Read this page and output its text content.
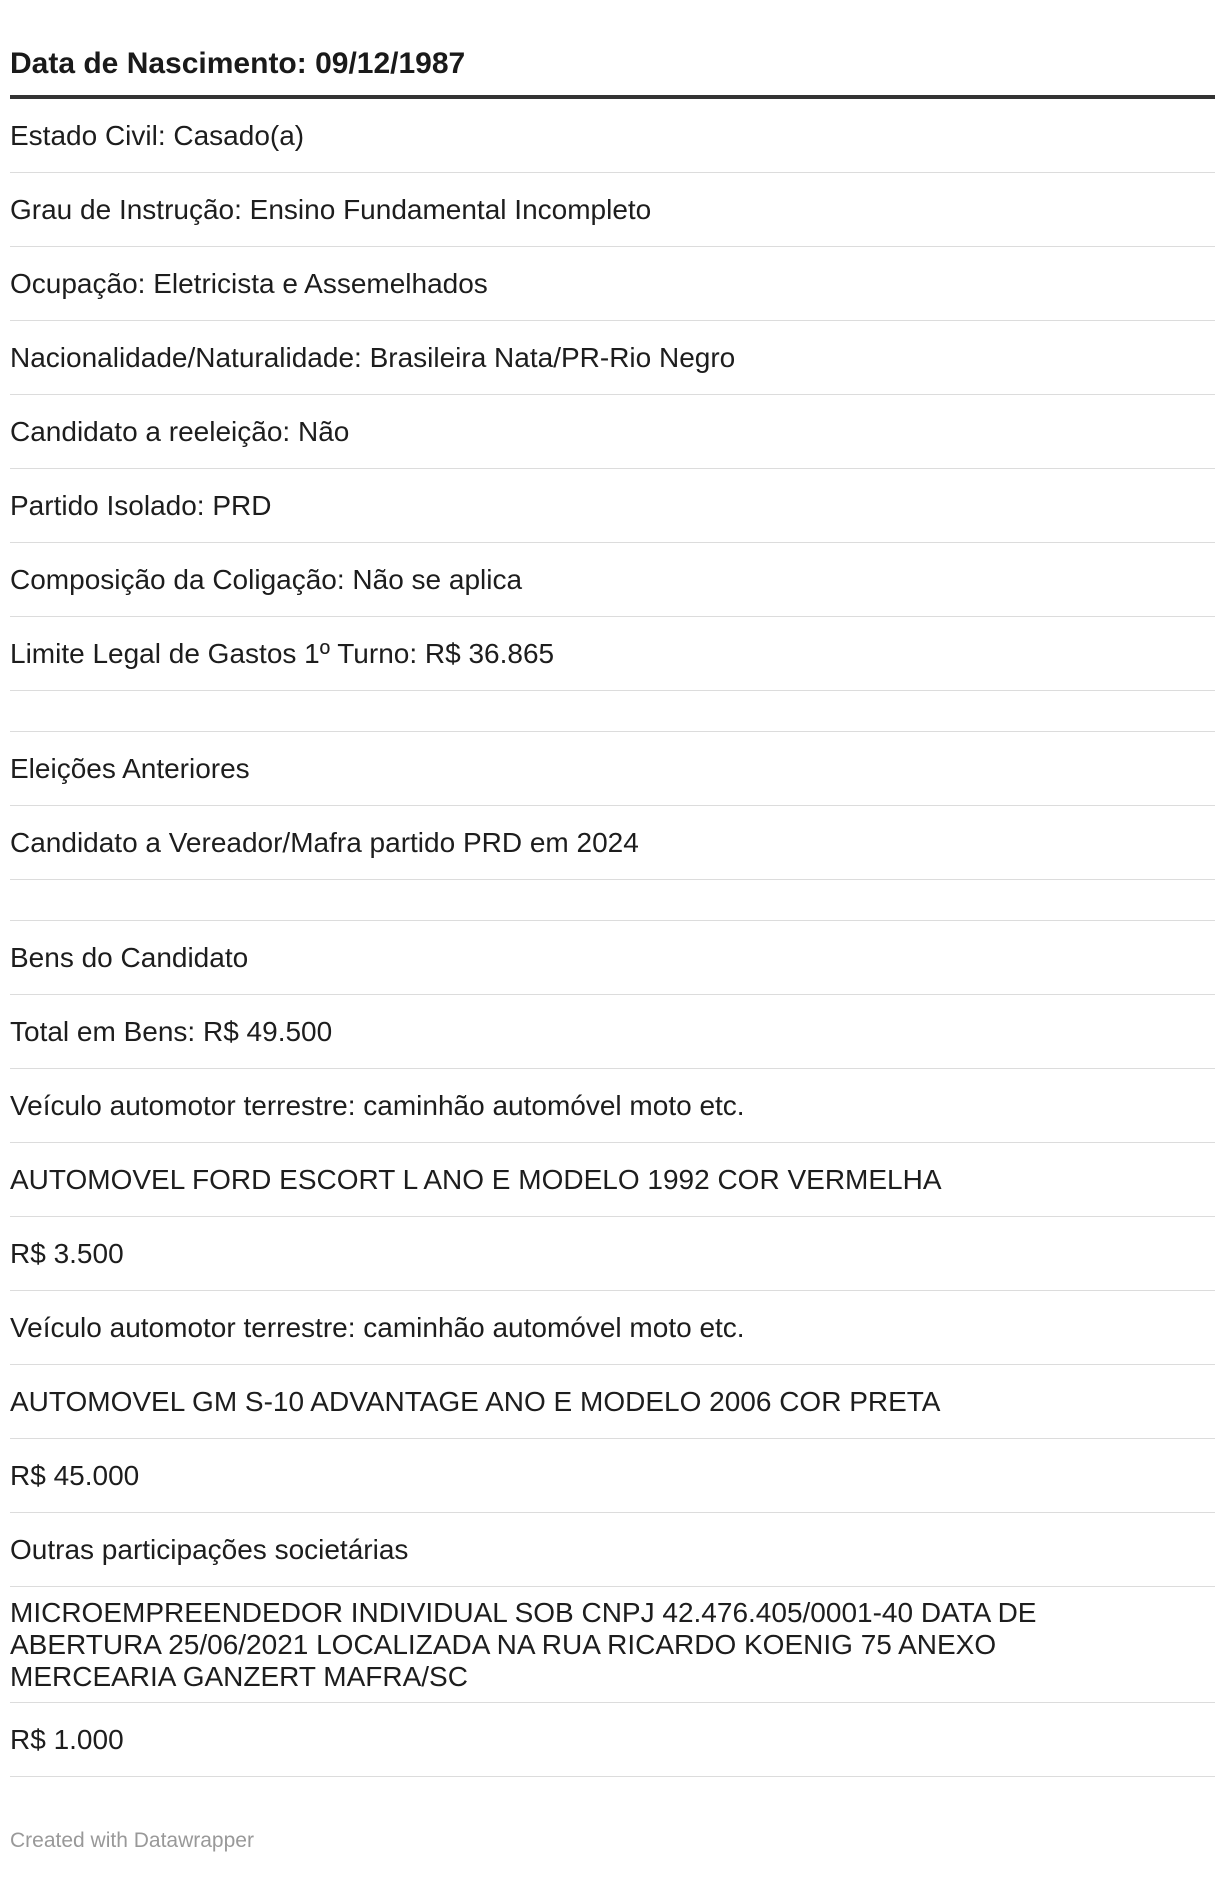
Data de Nascimento: 09/12/1987
Estado Civil: Casado(a)
Grau de Instrução: Ensino Fundamental Incompleto
Ocupação: Eletricista e Assemelhados
Nacionalidade/Naturalidade: Brasileira Nata/PR-Rio Negro
Candidato a reeleição: Não
Partido Isolado: PRD
Composição da Coligação: Não se aplica
Limite Legal de Gastos 1º Turno: R$ 36.865
Eleições Anteriores
Candidato a Vereador/Mafra partido PRD em 2024
Bens do Candidato
Total em Bens: R$ 49.500
Veículo automotor terrestre: caminhão automóvel moto etc.
AUTOMOVEL FORD ESCORT L ANO E MODELO 1992 COR VERMELHA
R$ 3.500
Veículo automotor terrestre: caminhão automóvel moto etc.
AUTOMOVEL GM S-10 ADVANTAGE ANO E MODELO 2006 COR PRETA
R$ 45.000
Outras participações societárias
MICROEMPREENDEDOR INDIVIDUAL SOB CNPJ 42.476.405/0001-40 DATA DE ABERTURA 25/06/2021 LOCALIZADA NA RUA RICARDO KOENIG 75 ANEXO MERCEARIA GANZERT MAFRA/SC
R$ 1.000
Created with Datawrapper
